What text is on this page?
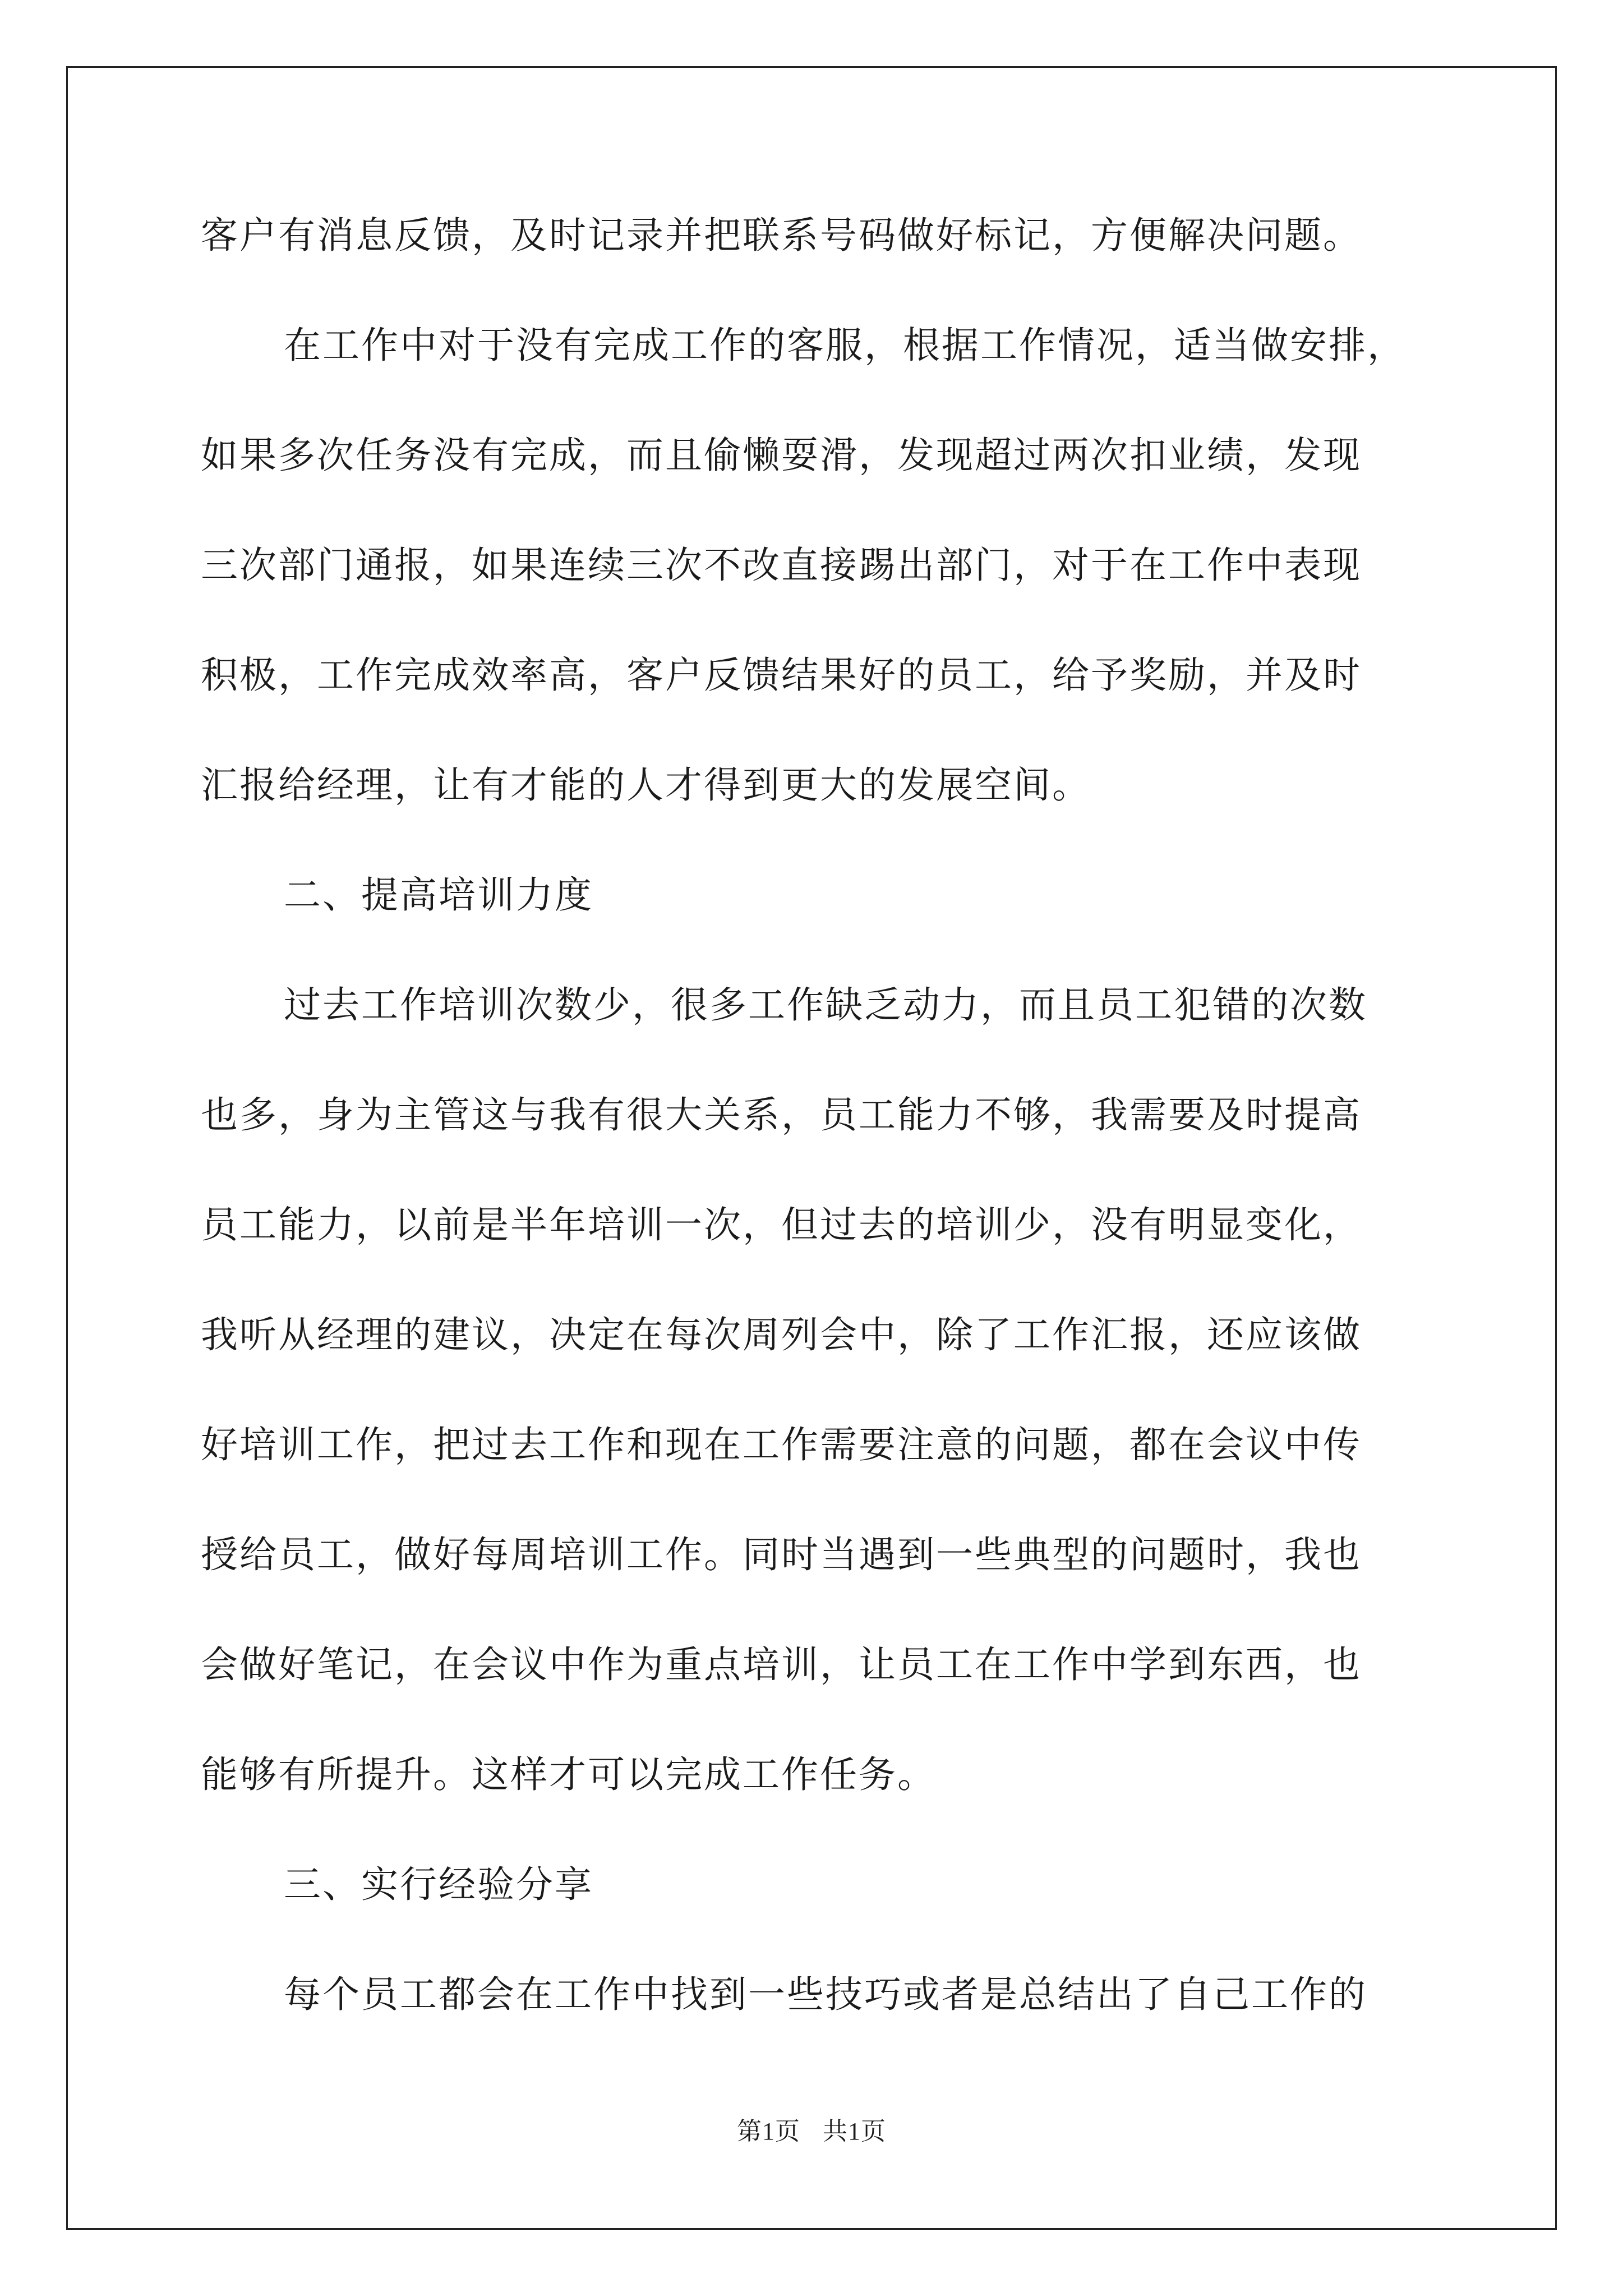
客户有消息反馈，及时记录并把联系号码做好标记，方便解决问题。

在工作中对于没有完成工作的客服，根据工作情况，适当做安排，

如果多次任务没有完成，而且偷懒耍滑，发现超过两次扣业绩，发现

三次部门通报，如果连续三次不改直接踢出部门，对于在工作中表现

积极，工作完成效率高，客户反馈结果好的员工，给予奖励，并及时

汇报给经理，让有才能的人才得到更大的发展空间。

二、提高培训力度

过去工作培训次数少，很多工作缺乏动力，而且员工犯错的次数

也多，身为主管这与我有很大关系，员工能力不够，我需要及时提高

员工能力，以前是半年培训一次，但过去的培训少，没有明显变化，

我听从经理的建议，决定在每次周列会中，除了工作汇报，还应该做

好培训工作，把过去工作和现在工作需要注意的问题，都在会议中传

授给员工，做好每周培训工作。同时当遇到一些典型的问题时，我也

会做好笔记，在会议中作为重点培训，让员工在工作中学到东西，也

能够有所提升。这样才可以完成工作任务。

三、实行经验分享

每个员工都会在工作中找到一些技巧或者是总结出了自己工作的

第1页 共1页
